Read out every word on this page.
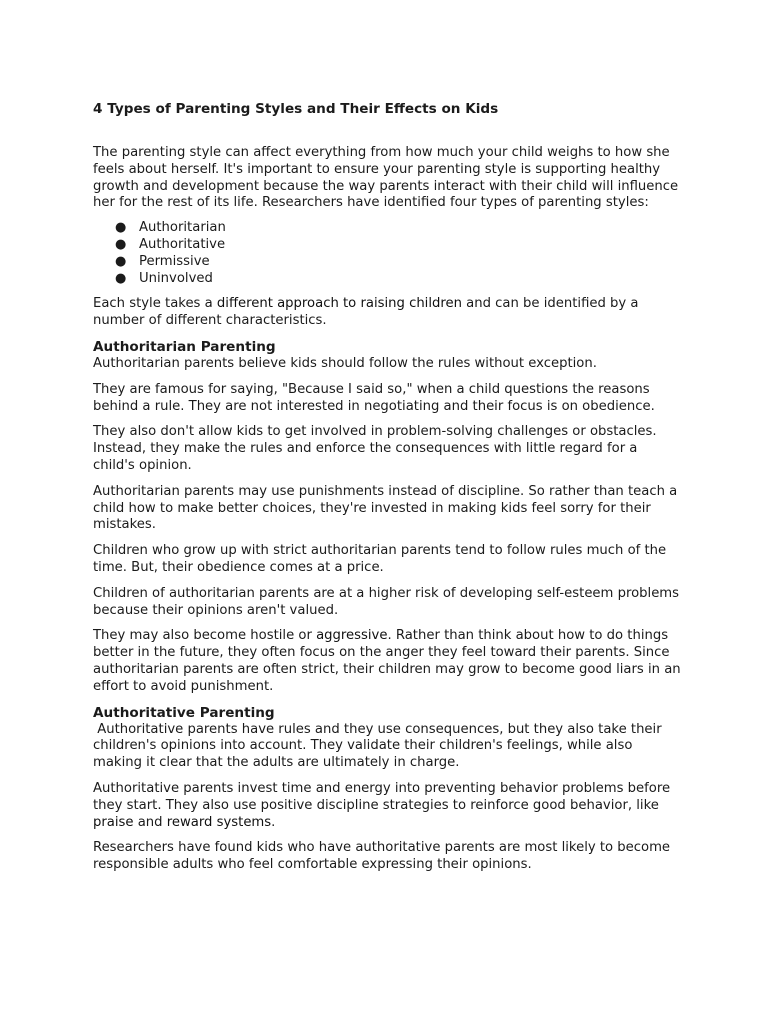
4 Types of Parenting Styles and Their Effects on Kids

The parenting style can affect everything from how much your child weighs to how she feels about herself. It's important to ensure your parenting style is supporting healthy growth and development because the way parents interact with their child will influence her for the rest of its life. Researchers have identified four types of parenting styles:

● Authoritarian
● Authoritative
● Permissive
● Uninvolved

Each style takes a different approach to raising children and can be identified by a number of different characteristics.

Authoritarian Parenting

Authoritarian parents believe kids should follow the rules without exception.

They are famous for saying, "Because I said so," when a child questions the reasons behind a rule. They are not interested in negotiating and their focus is on obedience.

They also don't allow kids to get involved in problem-solving challenges or obstacles. Instead, they make the rules and enforce the consequences with little regard for a child's opinion.

Authoritarian parents may use punishments instead of discipline. So rather than teach a child how to make better choices, they're invested in making kids feel sorry for their mistakes.

Children who grow up with strict authoritarian parents tend to follow rules much of the time. But, their obedience comes at a price.

Children of authoritarian parents are at a higher risk of developing self-esteem problems because their opinions aren't valued.

They may also become hostile or aggressive. Rather than think about how to do things better in the future, they often focus on the anger they feel toward their parents. Since authoritarian parents are often strict, their children may grow to become good liars in an effort to avoid punishment.

Authoritative Parenting

Authoritative parents have rules and they use consequences, but they also take their children's opinions into account. They validate their children's feelings, while also making it clear that the adults are ultimately in charge.

Authoritative parents invest time and energy into preventing behavior problems before they start. They also use positive discipline strategies to reinforce good behavior, like praise and reward systems.

Researchers have found kids who have authoritative parents are most likely to become responsible adults who feel comfortable expressing their opinions.
